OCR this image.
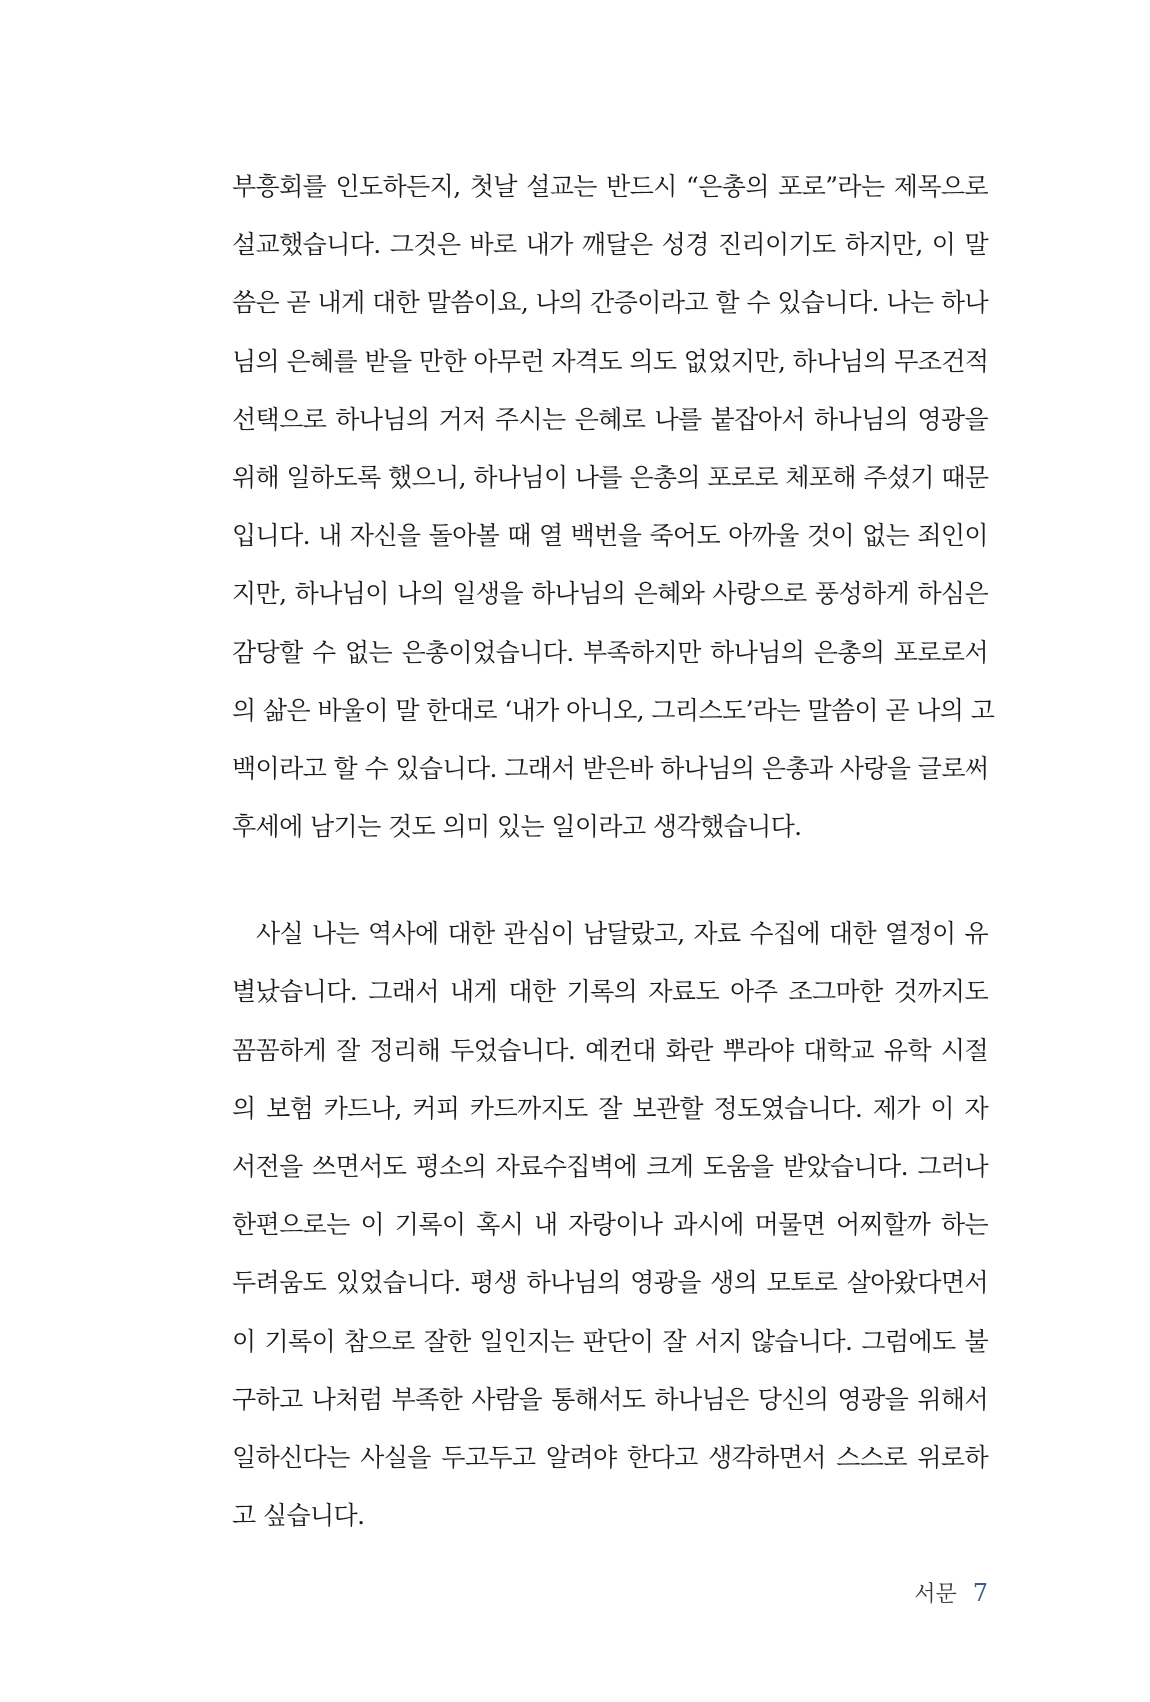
부흥회를 인도하든지, 첫날 설교는 반드시 “은총의 포로”라는 제목으로
설교했습니다. 그것은 바로 내가 깨달은 성경 진리이기도 하지만, 이 말
씀은 곧 내게 대한 말씀이요, 나의 간증이라고 할 수 있습니다. 나는 하나
님의 은혜를 받을 만한 아무런 자격도 의도 없었지만, 하나님의 무조건적
선택으로 하나님의 거저 주시는 은혜로 나를 붙잡아서 하나님의 영광을
위해 일하도록 했으니, 하나님이 나를 은총의 포로로 체포해 주셨기 때문
입니다. 내 자신을 돌아볼 때 열 백번을 죽어도 아까울 것이 없는 죄인이
지만, 하나님이 나의 일생을 하나님의 은혜와 사랑으로 풍성하게 하심은
감당할 수 없는 은총이었습니다. 부족하지만 하나님의 은총의 포로로서
의 삶은 바울이 말 한대로 ‘내가 아니오, 그리스도’라는 말씀이 곧 나의 고
백이라고 할 수 있습니다. 그래서 받은바 하나님의 은총과 사랑을 글로써
후세에 남기는 것도 의미 있는 일이라고 생각했습니다.
사실 나는 역사에 대한 관심이 남달랐고, 자료 수집에 대한 열정이 유
별났습니다. 그래서 내게 대한 기록의 자료도 아주 조그마한 것까지도
꼼꼼하게 잘 정리해 두었습니다. 예컨대 화란 뿌라야 대학교 유학 시절
의 보험 카드나, 커피 카드까지도 잘 보관할 정도였습니다. 제가 이 자
서전을 쓰면서도 평소의 자료수집벽에 크게 도움을 받았습니다. 그러나
한편으로는 이 기록이 혹시 내 자랑이나 과시에 머물면 어찌할까 하는
두려움도 있었습니다. 평생 하나님의 영광을 생의 모토로 살아왔다면서
이 기록이 참으로 잘한 일인지는 판단이 잘 서지 않습니다. 그럼에도 불
구하고 나처럼 부족한 사람을 통해서도 하나님은 당신의 영광을 위해서
일하신다는 사실을 두고두고 알려야 한다고 생각하면서 스스로 위로하
고 싶습니다.
서문 7
